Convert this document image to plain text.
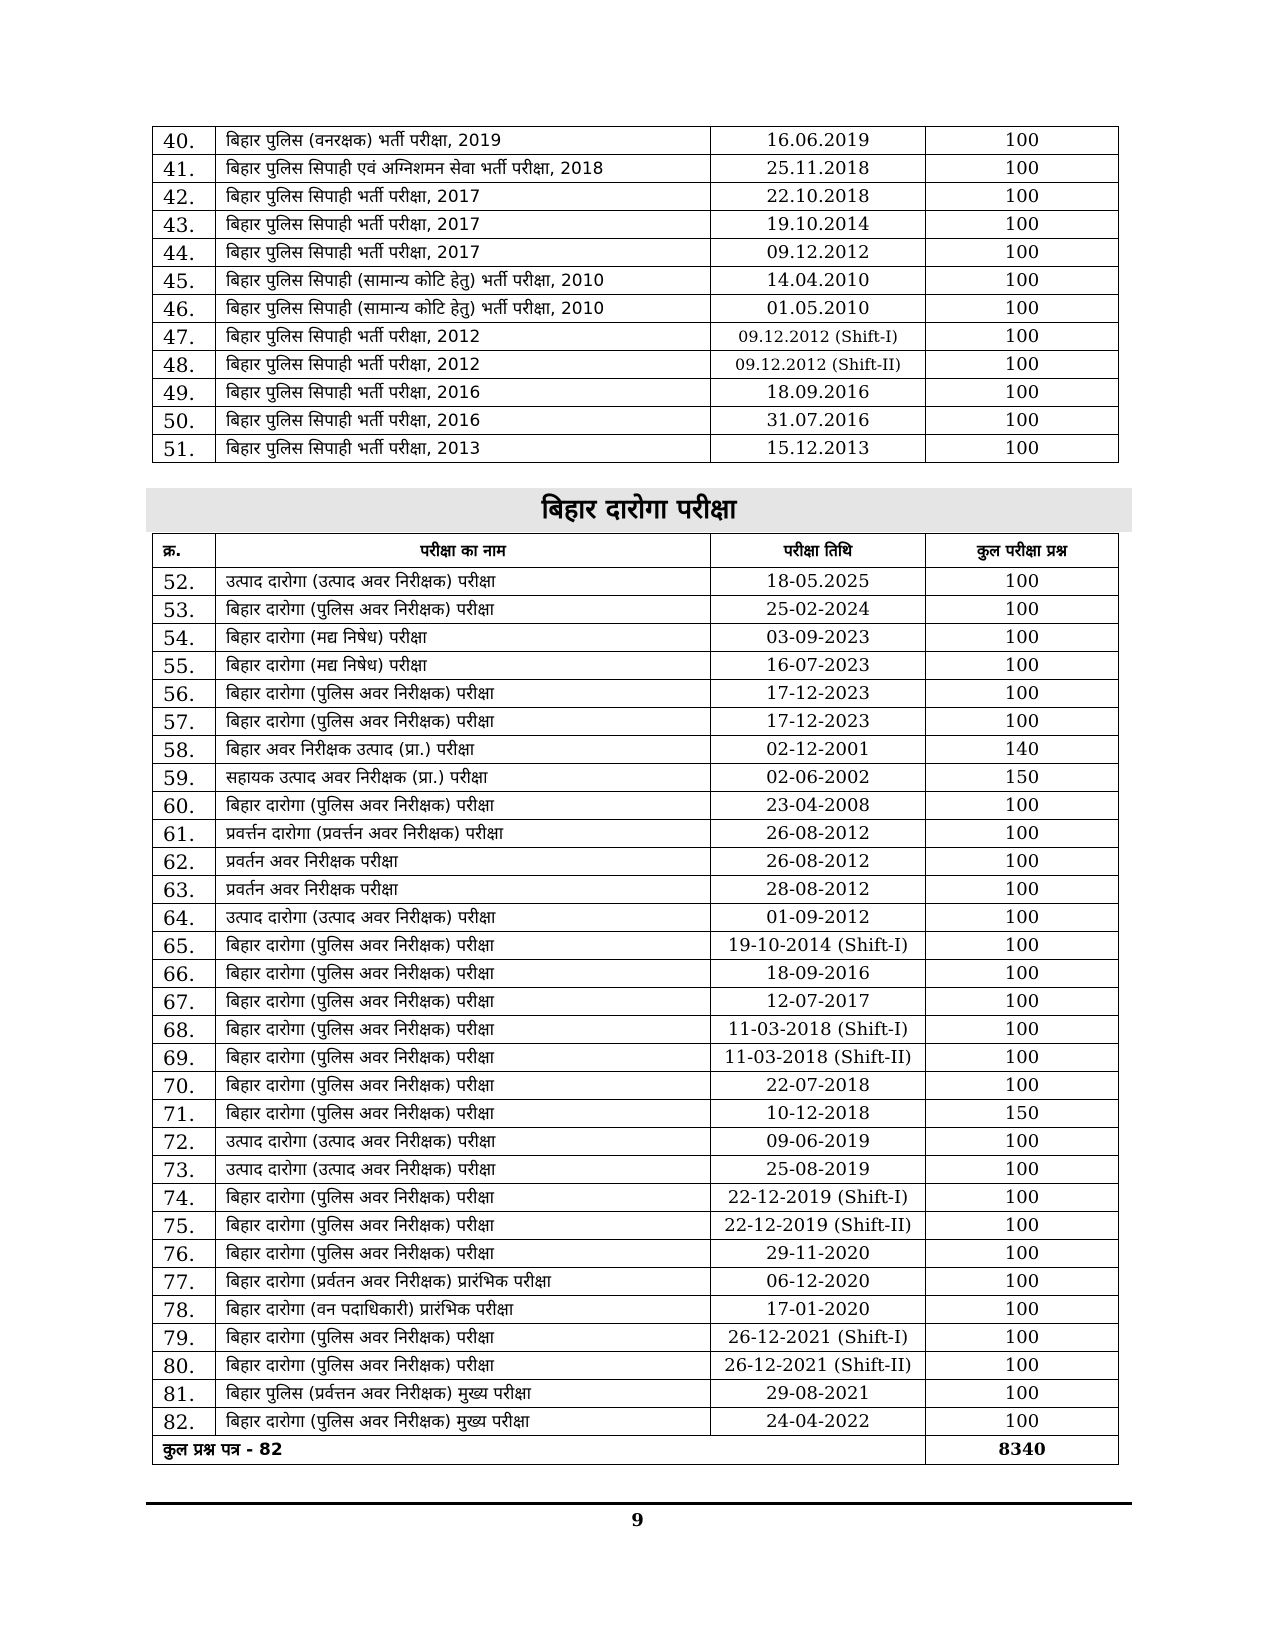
40.	बिहार पुलिस (वनरक्षक) भर्ती परीक्षा, 2019	16.06.2019	100
41.	बिहार पुलिस सिपाही एवं अग्निशमन सेवा भर्ती परीक्षा, 2018	25.11.2018	100
42.	बिहार पुलिस सिपाही भर्ती परीक्षा, 2017	22.10.2018	100
43.	बिहार पुलिस सिपाही भर्ती परीक्षा, 2017	19.10.2014	100
44.	बिहार पुलिस सिपाही भर्ती परीक्षा, 2017	09.12.2012	100
45.	बिहार पुलिस सिपाही (सामान्य कोटि हेतु) भर्ती परीक्षा, 2010	14.04.2010	100
46.	बिहार पुलिस सिपाही (सामान्य कोटि हेतु) भर्ती परीक्षा, 2010	01.05.2010	100
47.	बिहार पुलिस सिपाही भर्ती परीक्षा, 2012	09.12.2012 (Shift-I)	100
48.	बिहार पुलिस सिपाही भर्ती परीक्षा, 2012	09.12.2012 (Shift-II)	100
49.	बिहार पुलिस सिपाही भर्ती परीक्षा, 2016	18.09.2016	100
50.	बिहार पुलिस सिपाही भर्ती परीक्षा, 2016	31.07.2016	100
51.	बिहार पुलिस सिपाही भर्ती परीक्षा, 2013	15.12.2013	100
बिहार दारोगा परीक्षा
क्र.	परीक्षा का नाम	परीक्षा तिथि	कुल परीक्षा प्रश्न
52.	उत्पाद दारोगा (उत्पाद अवर निरीक्षक) परीक्षा	18-05.2025	100
53.	बिहार दारोगा (पुलिस अवर निरीक्षक) परीक्षा	25-02-2024	100
54.	बिहार दारोगा (मद्य निषेध) परीक्षा	03-09-2023	100
55.	बिहार दारोगा (मद्य निषेध) परीक्षा	16-07-2023	100
56.	बिहार दारोगा (पुलिस अवर निरीक्षक) परीक्षा	17-12-2023	100
57.	बिहार दारोगा (पुलिस अवर निरीक्षक) परीक्षा	17-12-2023	100
58.	बिहार अवर निरीक्षक उत्पाद (प्रा.) परीक्षा	02-12-2001	140
59.	सहायक उत्पाद अवर निरीक्षक (प्रा.) परीक्षा	02-06-2002	150
60.	बिहार दारोगा (पुलिस अवर निरीक्षक) परीक्षा	23-04-2008	100
61.	प्रवर्त्तन दारोगा (प्रवर्त्तन अवर निरीक्षक) परीक्षा	26-08-2012	100
62.	प्रवर्तन अवर निरीक्षक परीक्षा	26-08-2012	100
63.	प्रवर्तन अवर निरीक्षक परीक्षा	28-08-2012	100
64.	उत्पाद दारोगा (उत्पाद अवर निरीक्षक) परीक्षा	01-09-2012	100
65.	बिहार दारोगा (पुलिस अवर निरीक्षक) परीक्षा	19-10-2014 (Shift-I)	100
66.	बिहार दारोगा (पुलिस अवर निरीक्षक) परीक्षा	18-09-2016	100
67.	बिहार दारोगा (पुलिस अवर निरीक्षक) परीक्षा	12-07-2017	100
68.	बिहार दारोगा (पुलिस अवर निरीक्षक) परीक्षा	11-03-2018 (Shift-I)	100
69.	बिहार दारोगा (पुलिस अवर निरीक्षक) परीक्षा	11-03-2018 (Shift-II)	100
70.	बिहार दारोगा (पुलिस अवर निरीक्षक) परीक्षा	22-07-2018	100
71.	बिहार दारोगा (पुलिस अवर निरीक्षक) परीक्षा	10-12-2018	150
72.	उत्पाद दारोगा (उत्पाद अवर निरीक्षक) परीक्षा	09-06-2019	100
73.	उत्पाद दारोगा (उत्पाद अवर निरीक्षक) परीक्षा	25-08-2019	100
74.	बिहार दारोगा (पुलिस अवर निरीक्षक) परीक्षा	22-12-2019 (Shift-I)	100
75.	बिहार दारोगा (पुलिस अवर निरीक्षक) परीक्षा	22-12-2019 (Shift-II)	100
76.	बिहार दारोगा (पुलिस अवर निरीक्षक) परीक्षा	29-11-2020	100
77.	बिहार दारोगा (प्रर्वतन अवर निरीक्षक) प्रारंभिक परीक्षा	06-12-2020	100
78.	बिहार दारोगा (वन पदाधिकारी) प्रारंभिक परीक्षा	17-01-2020	100
79.	बिहार दारोगा (पुलिस अवर निरीक्षक) परीक्षा	26-12-2021 (Shift-I)	100
80.	बिहार दारोगा (पुलिस अवर निरीक्षक) परीक्षा	26-12-2021 (Shift-II)	100
81.	बिहार पुलिस (प्रर्वत्तन अवर निरीक्षक) मुख्य परीक्षा	29-08-2021	100
82.	बिहार दारोगा (पुलिस अवर निरीक्षक) मुख्य परीक्षा	24-04-2022	100
कुल प्रश्न पत्र - 82			8340
9
